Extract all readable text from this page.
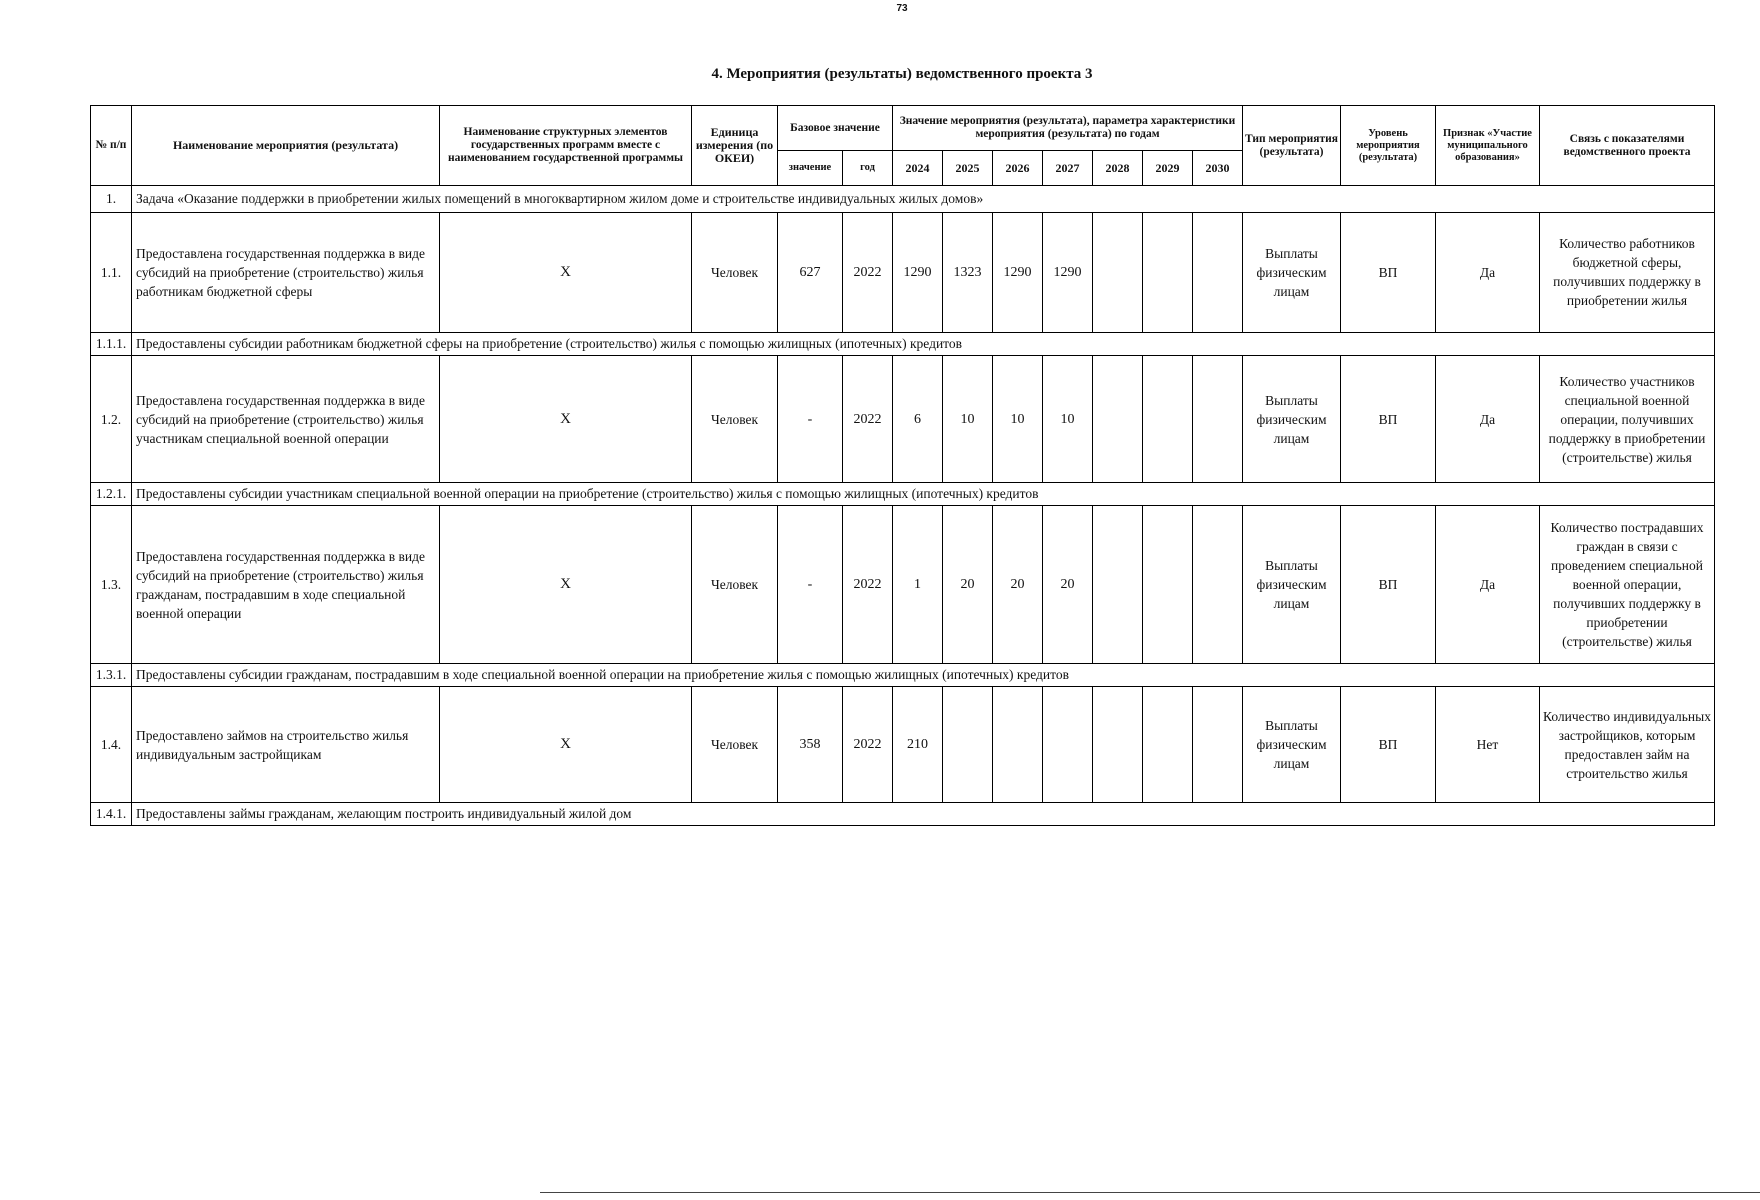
73
4. Мероприятия (результаты) ведомственного проекта 3
№ п/п	Наименование мероприятия (результата)	Наименование структурных элементов государственных программ вместе с наименованием государственной программы	Единица измерения (по ОКЕИ)	Базовое значение		Значение мероприятия (результата), параметра характеристики мероприятия (результата) по годам							Тип мероприятия (результата)	Уровень мероприятия (результата)	Признак «Участие муниципального образования»	Связь с показателями ведомственного проекта
				значение	год	2024	2025	2026	2027	2028	2029	2030				
1.	Задача «Оказание поддержки в приобретении жилых помещений в многоквартирном жилом доме и строительстве индивидуальных жилых домов»															
1.1.	Предоставлена государственная поддержка в виде субсидий на приобретение (строительство) жилья работникам бюджетной сферы	X	Человек	627	2022	1290	1323	1290	1290				Выплаты физическим лицам	ВП	Да	Количество работников бюджетной сферы, получивших поддержку в приобретении жилья
1.1.1.	Предоставлены субсидии работникам бюджетной сферы на приобретение (строительство) жилья с помощью жилищных (ипотечных) кредитов															
1.2.	Предоставлена государственная поддержка в виде субсидий на приобретение (строительство) жилья участникам специальной военной операции	X	Человек	-	2022	6	10	10	10				Выплаты физическим лицам	ВП	Да	Количество участников специальной военной операции, получивших поддержку в приобретении (строительстве) жилья
1.2.1.	Предоставлены субсидии участникам специальной военной операции на приобретение (строительство) жилья с помощью жилищных (ипотечных) кредитов															
1.3.	Предоставлена государственная поддержка в виде субсидий на приобретение (строительство) жилья гражданам, пострадавшим в ходе специальной военной операции	X	Человек	-	2022	1	20	20	20				Выплаты физическим лицам	ВП	Да	Количество пострадавших граждан в связи с проведением специальной военной операции, получивших поддержку в приобретении (строительстве) жилья
1.3.1.	Предоставлены субсидии гражданам, пострадавшим в ходе специальной военной операции на приобретение жилья с помощью жилищных (ипотечных) кредитов															
1.4.	Предоставлено займов на строительство жилья индивидуальным застройщикам	X	Человек	358	2022	210							Выплаты физическим лицам	ВП	Нет	Количество индивидуальных застройщиков, которым предоставлен займ на строительство жилья
1.4.1.	Предоставлены займы гражданам, желающим построить индивидуальный жилой дом															
